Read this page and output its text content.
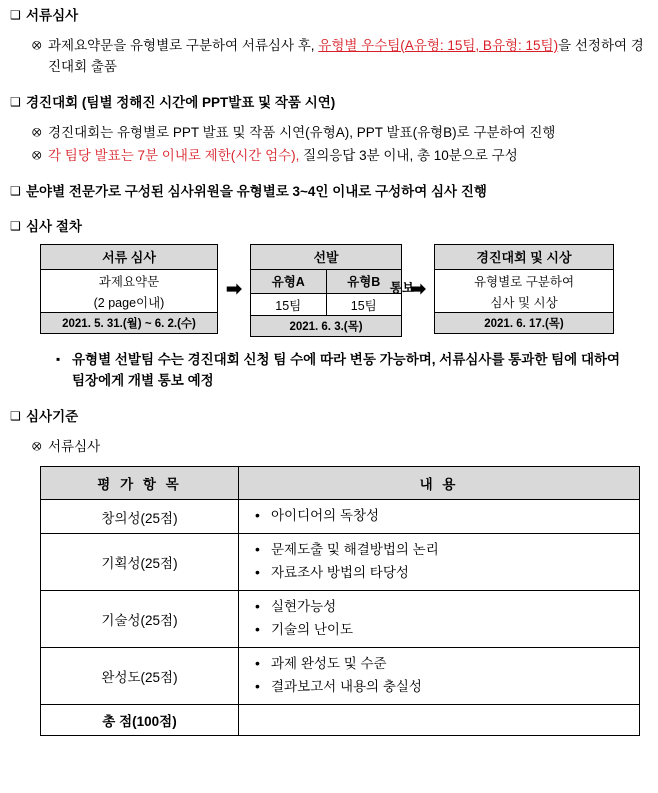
❑ 서류심사
⭙ 과제요약문을 유형별로 구분하여 서류심사 후, 유형별 우수팀(A유형: 15팀, B유형: 15팀)을 선정하여 경진대회 출품
❑ 경진대회 (팀별 정해진 시간에 PPT발표 및 작품 시연)
⭙ 경진대회는 유형별로 PPT 발표 및 작품 시연(유형A), PPT 발표(유형B)로 구분하여 진행
⭙ 각 팀당 발표는 7분 이내로 제한(시간 엄수), 질의응답 3분 이내, 총 10분으로 구성
❑ 분야별 전문가로 구성된 심사위원을 유형별로 3~4인 이내로 구성하여 심사 진행
❑ 심사 절차
서류 심사
과제요약문
(2 page이내)
2021. 5. 31.(월) ~ 6. 2.(수)
➡
선발
유형A	유형B
15팀	15팀
2021. 6. 3.(목)
통보
➡
경진대회 및 시상
유형별로 구분하여
심사 및 시상
2021. 6. 17.(목)
▪ 유형별 선발팀 수는 경진대회 신청 팀 수에 따라 변동 가능하며, 서류심사를 통과한 팀에 대하여
팀장에게 개별 통보 예정
❑ 심사기준
⭙ 서류심사
평 가 항 목	내 용
창의성(25점)	
•아이디어의 독창성

기획성(25점)	
• 문제도출 및 해결방법의 논리
• 자료조사 방법의 타당성

기술성(25점)	
• 실현가능성
• 기술의 난이도

완성도(25점)	
• 과제 완성도 및 수준
• 결과보고서 내용의 충실성

총 점(100점)	
